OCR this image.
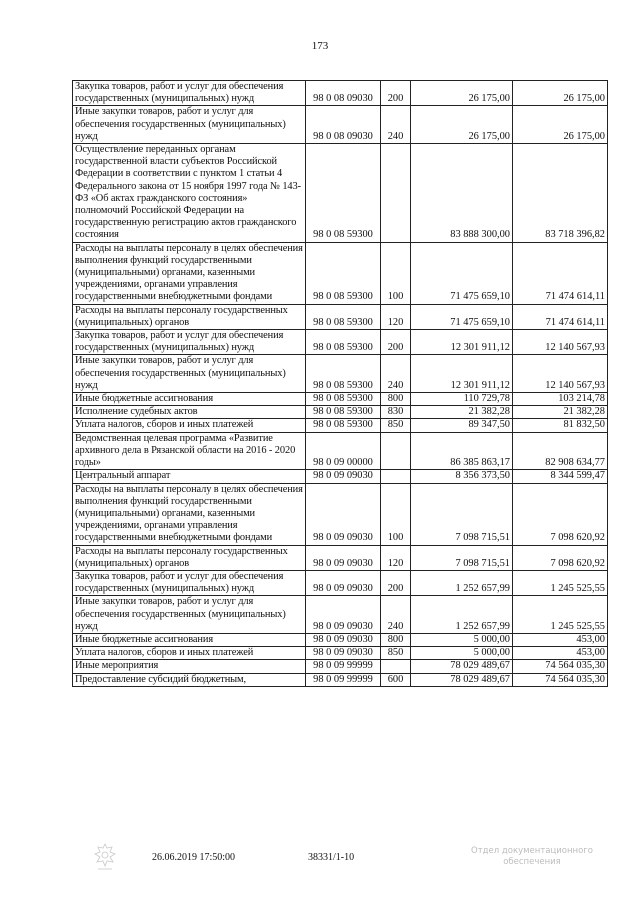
173
Закупка товаров, работ и услуг для обеспечения государственных (муниципальных) нужд	98 0 08 09030	200	26 175,00	26 175,00
Иные закупки товаров, работ и услуг для обеспечения государственных (муниципальных) нужд	98 0 08 09030	240	26 175,00	26 175,00
Осуществление переданных органам государственной власти субъектов Российской Федерации в соответствии с пунктом 1 статьи 4 Федерального закона от 15 ноября 1997 года № 143-ФЗ «Об актах гражданского состояния» полномочий Российской Федерации на государственную регистрацию актов гражданского состояния	98 0 08 59300		83 888 300,00	83 718 396,82
Расходы на выплаты персоналу в целях обеспечения выполнения функций государственными (муниципальными) органами, казенными учреждениями, органами управления государственными внебюджетными фондами	98 0 08 59300	100	71 475 659,10	71 474 614,11
Расходы на выплаты персоналу государственных (муниципальных) органов	98 0 08 59300	120	71 475 659,10	71 474 614,11
Закупка товаров, работ и услуг для обеспечения государственных (муниципальных) нужд	98 0 08 59300	200	12 301 911,12	12 140 567,93
Иные закупки товаров, работ и услуг для обеспечения государственных (муниципальных) нужд	98 0 08 59300	240	12 301 911,12	12 140 567,93
Иные бюджетные ассигнования	98 0 08 59300	800	110 729,78	103 214,78
Исполнение судебных актов	98 0 08 59300	830	21 382,28	21 382,28
Уплата налогов, сборов и иных платежей	98 0 08 59300	850	89 347,50	81 832,50
Ведомственная целевая программа «Развитие архивного дела в Рязанской области на 2016 - 2020 годы»	98 0 09 00000		86 385 863,17	82 908 634,77
Центральный аппарат	98 0 09 09030		8 356 373,50	8 344 599,47
Расходы на выплаты персоналу в целях обеспечения выполнения функций государственными (муниципальными) органами, казенными учреждениями, органами управления государственными внебюджетными фондами	98 0 09 09030	100	7 098 715,51	7 098 620,92
Расходы на выплаты персоналу государственных (муниципальных) органов	98 0 09 09030	120	7 098 715,51	7 098 620,92
Закупка товаров, работ и услуг для обеспечения государственных (муниципальных) нужд	98 0 09 09030	200	1 252 657,99	1 245 525,55
Иные закупки товаров, работ и услуг для обеспечения государственных (муниципальных) нужд	98 0 09 09030	240	1 252 657,99	1 245 525,55
Иные бюджетные ассигнования	98 0 09 09030	800	5 000,00	453,00
Уплата налогов, сборов и иных платежей	98 0 09 09030	850	5 000,00	453,00
Иные мероприятия	98 0 09 99999		78 029 489,67	74 564 035,30
Предоставление субсидий бюджетным,	98 0 09 99999	600	78 029 489,67	74 564 035,30
26.06.2019 17:50:00	38331/1-10
Отдел документационного обеспечения
